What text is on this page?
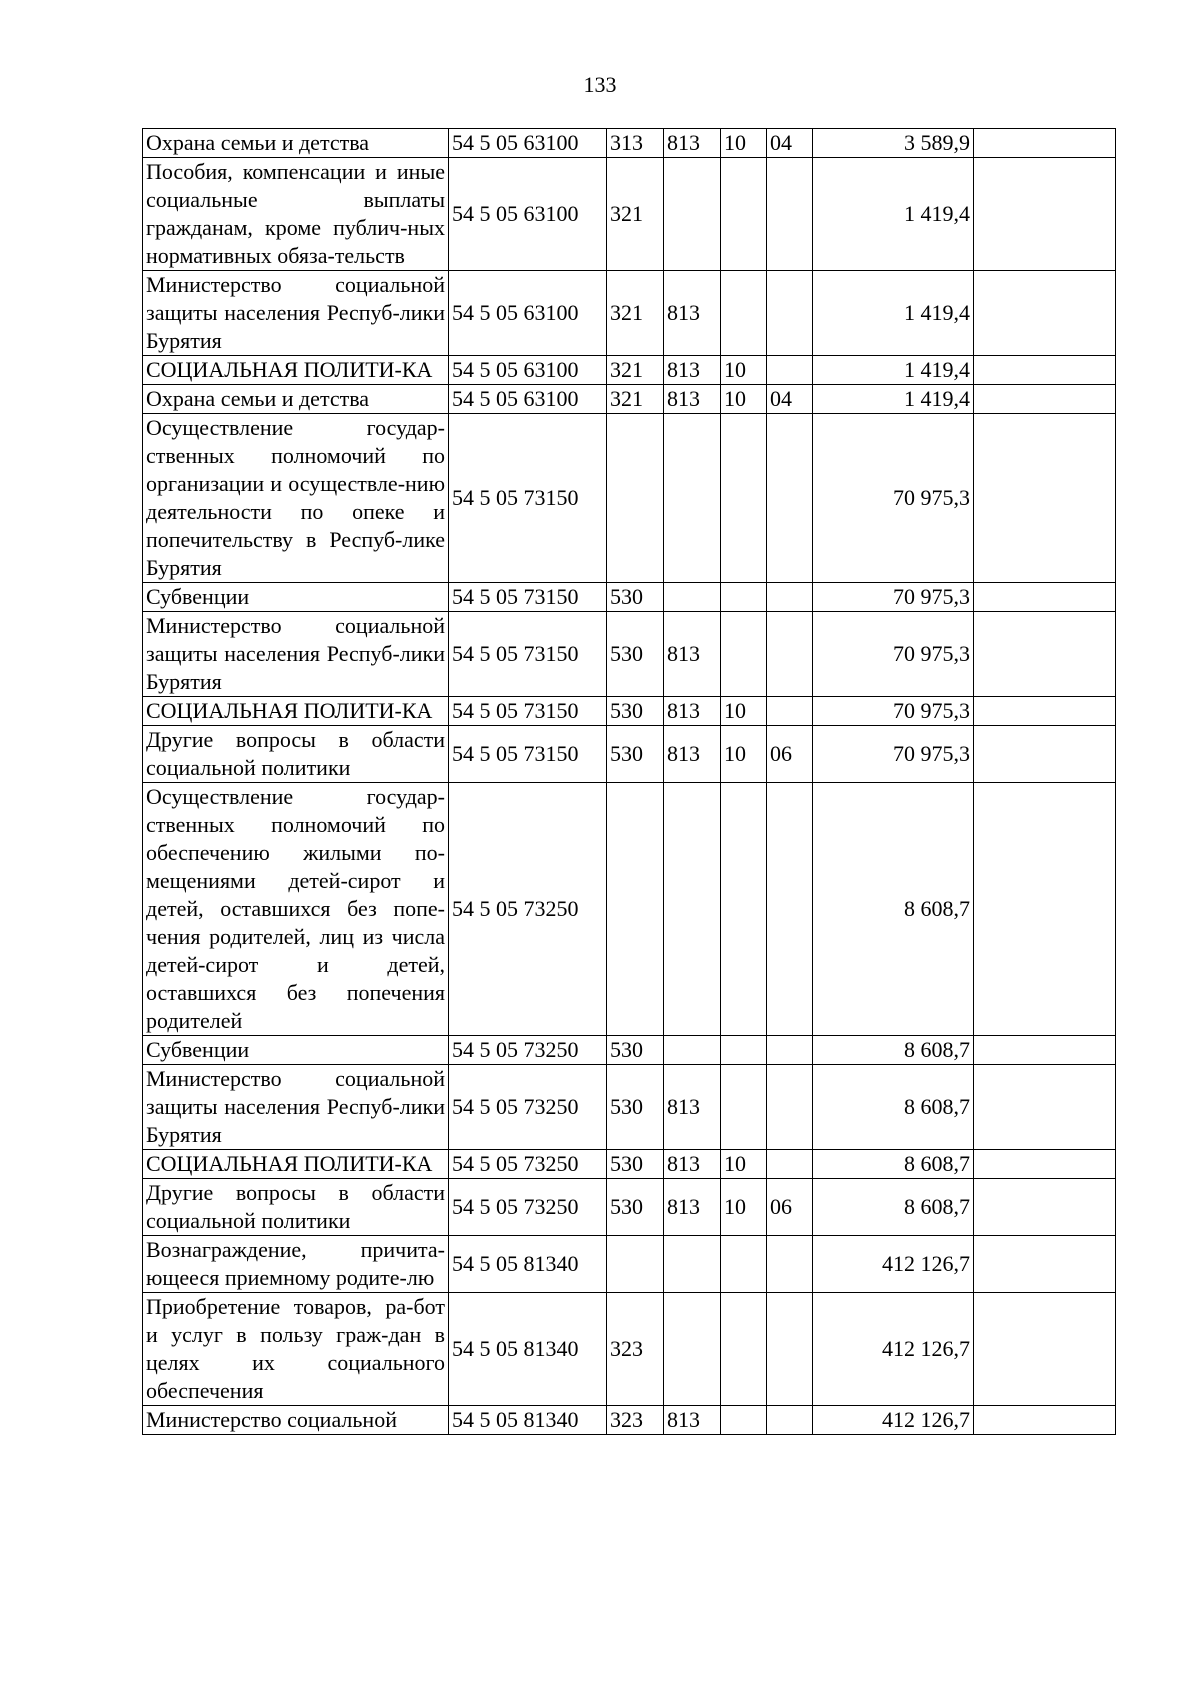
133
Охрана семьи и детства	54 5 05 63100	313	813	10	04	3 589,9	
Пособия, компенсации и иные социальные выплаты гражданам, кроме публич-ных нормативных обяза-тельств	54 5 05 63100	321				1 419,4	
Министерство социальной защиты населения Респуб-лики Бурятия	54 5 05 63100	321	813			1 419,4	
СОЦИАЛЬНАЯ ПОЛИТИ-КА	54 5 05 63100	321	813	10		1 419,4	
Охрана семьи и детства	54 5 05 63100	321	813	10	04	1 419,4	
Осуществление государ-ственных полномочий по организации и осуществле-нию деятельности по опеке и попечительству в Респуб-лике Бурятия	54 5 05 73150					70 975,3	
Субвенции	54 5 05 73150	530				70 975,3	
Министерство социальной защиты населения Респуб-лики Бурятия	54 5 05 73150	530	813			70 975,3	
СОЦИАЛЬНАЯ ПОЛИТИ-КА	54 5 05 73150	530	813	10		70 975,3	
Другие вопросы в области социальной политики	54 5 05 73150	530	813	10	06	70 975,3	
Осуществление государ-ственных полномочий по обеспечению жилыми по-мещениями детей-сирот и детей, оставшихся без попе-чения родителей, лиц из числа детей-сирот и детей, оставшихся без попечения родителей	54 5 05 73250					8 608,7	
Субвенции	54 5 05 73250	530				8 608,7	
Министерство социальной защиты населения Респуб-лики Бурятия	54 5 05 73250	530	813			8 608,7	
СОЦИАЛЬНАЯ ПОЛИТИ-КА	54 5 05 73250	530	813	10		8 608,7	
Другие вопросы в области социальной политики	54 5 05 73250	530	813	10	06	8 608,7	
Вознаграждение, причита-ющееся приемному родите-лю	54 5 05 81340					412 126,7	
Приобретение товаров, ра-бот и услуг в пользу граж-дан в целях их социального обеспечения	54 5 05 81340	323				412 126,7	
Министерство социальной	54 5 05 81340	323	813			412 126,7	
